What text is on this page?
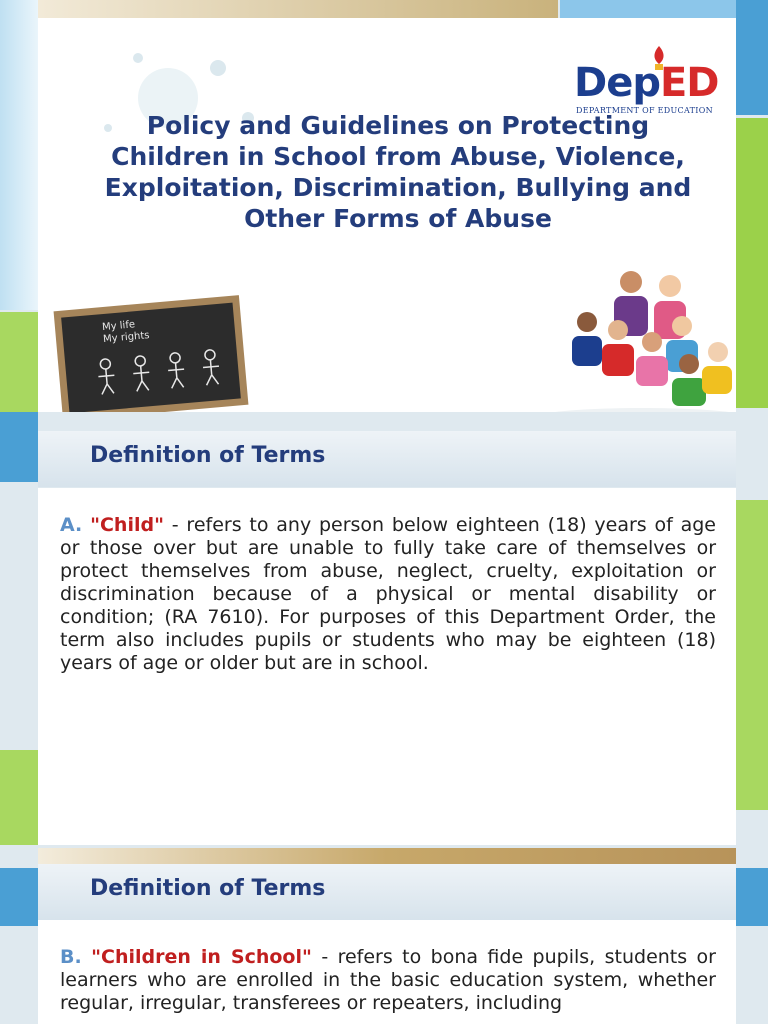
DepED
DEPARTMENT OF EDUCATION
Policy and Guidelines on Protecting Children in School from Abuse, Violence, Exploitation, Discrimination, Bullying and Other Forms of Abuse
My life
My rights
Definition of Terms
A. "Child" - refers to any person below eighteen (18) years of age or those over but are unable to fully take care of themselves or protect themselves from abuse, neglect, cruelty, exploitation or discrimination because of a physical or mental disability or condition; (RA 7610). For purposes of this Department Order, the term also includes pupils or students who may be eighteen (18) years of age or older but are in school.
Definition of Terms
B. "Children in School" - refers to bona fide pupils, students or learners who are enrolled in the basic education system, whether regular, irregular, transferees or repeaters, including
